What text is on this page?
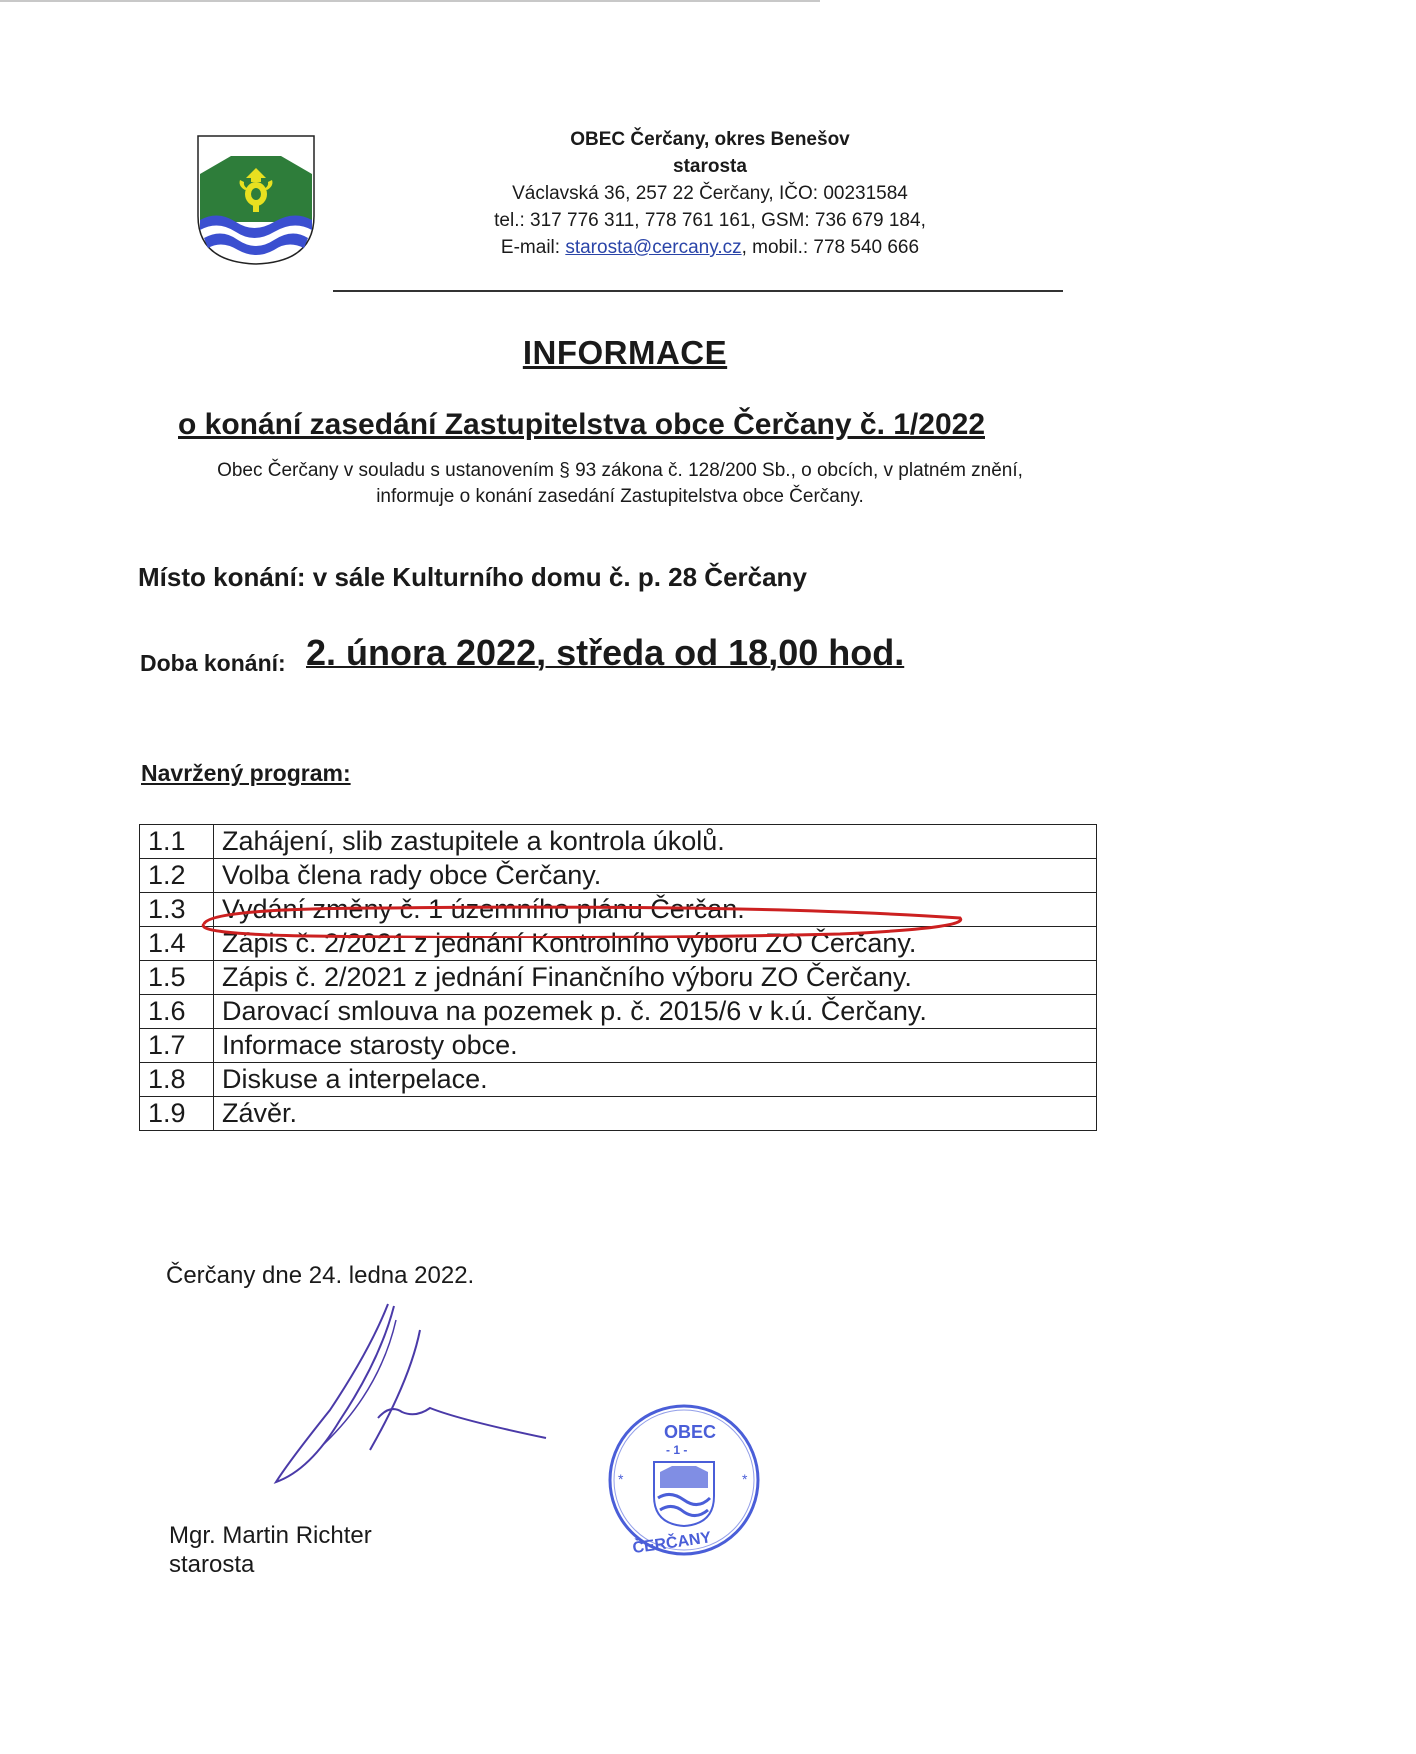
OBEC Čerčany, okres Benešov
starosta
Václavská 36, 257 22 Čerčany, IČO: 00231584
tel.: 317 776 311, 778 761 161, GSM: 736 679 184,
E-mail: starosta@cercany.cz, mobil.: 778 540 666
INFORMACE
o konání zasedání Zastupitelstva obce Čerčany č. 1/2022
Obec Čerčany v souladu s ustanovením § 93 zákona č. 128/200 Sb., o obcích, v platném znění,
informuje o konání zasedání Zastupitelstva obce Čerčany.
Místo konání: v sále Kulturního domu č. p. 28 Čerčany
Doba konání: 2. února 2022, středa od 18,00 hod.
Navržený program:
1.1	Zahájení, slib zastupitele a kontrola úkolů.
1.2	Volba člena rady obce Čerčany.
1.3	Vydání změny č. 1 územního plánu Čerčan.
1.4	Zápis č. 2/2021 z jednání Kontrolního výboru ZO Čerčany.
1.5	Zápis č. 2/2021 z jednání Finančního výboru ZO Čerčany.
1.6	Darovací smlouva na pozemek p. č. 2015/6 v k.ú. Čerčany.
1.7	Informace starosty obce.
1.8	Diskuse a interpelace.
1.9	Závěr.
Čerčany dne 24. ledna 2022.
Mgr. Martin Richter
starosta
OBEC
- 1 -
*	*
ČERČANY
